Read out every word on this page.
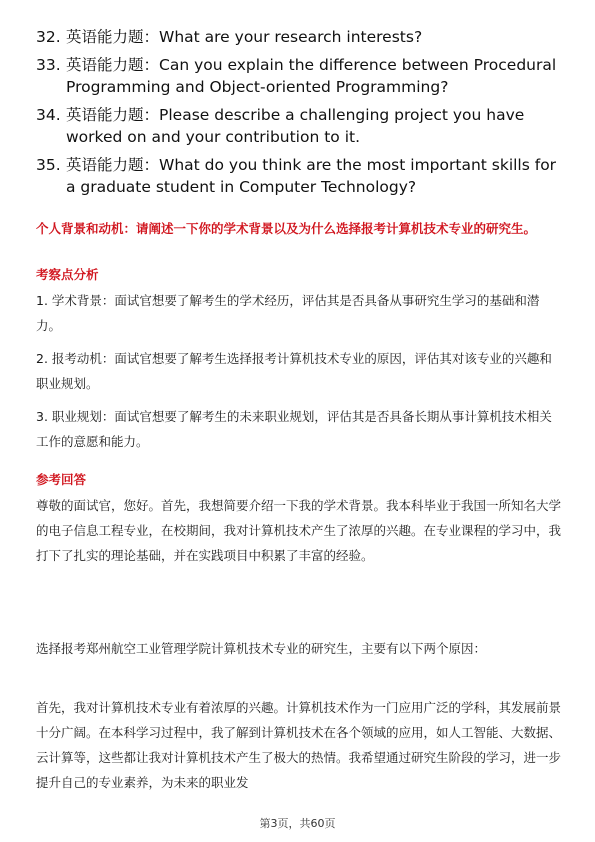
32. 英语能力题：What are your research interests?
33. 英语能力题：Can you explain the difference between Procedural Programming and Object-oriented Programming?
34. 英语能力题：Please describe a challenging project you have worked on and your contribution to it.
35. 英语能力题：What do you think are the most important skills for a graduate student in Computer Technology?
个人背景和动机：请阐述一下你的学术背景以及为什么选择报考计算机技术专业的研究生。
考察点分析
1. 学术背景：面试官想要了解考生的学术经历，评估其是否具备从事研究生学习的基础和潜力。
2. 报考动机：面试官想要了解考生选择报考计算机技术专业的原因，评估其对该专业的兴趣和职业规划。
3. 职业规划：面试官想要了解考生的未来职业规划，评估其是否具备长期从事计算机技术相关工作的意愿和能力。
参考回答
尊敬的面试官，您好。首先，我想简要介绍一下我的学术背景。我本科毕业于我国一所知名大学的电子信息工程专业，在校期间，我对计算机技术产生了浓厚的兴趣。在专业课程的学习中，我打下了扎实的理论基础，并在实践项目中积累了丰富的经验。
选择报考郑州航空工业管理学院计算机技术专业的研究生，主要有以下两个原因：
首先，我对计算机技术专业有着浓厚的兴趣。计算机技术作为一门应用广泛的学科，其发展前景十分广阔。在本科学习过程中，我了解到计算机技术在各个领域的应用，如人工智能、大数据、云计算等，这些都让我对计算机技术产生了极大的热情。我希望通过研究生阶段的学习，进一步提升自己的专业素养，为未来的职业发
第3页，共60页
